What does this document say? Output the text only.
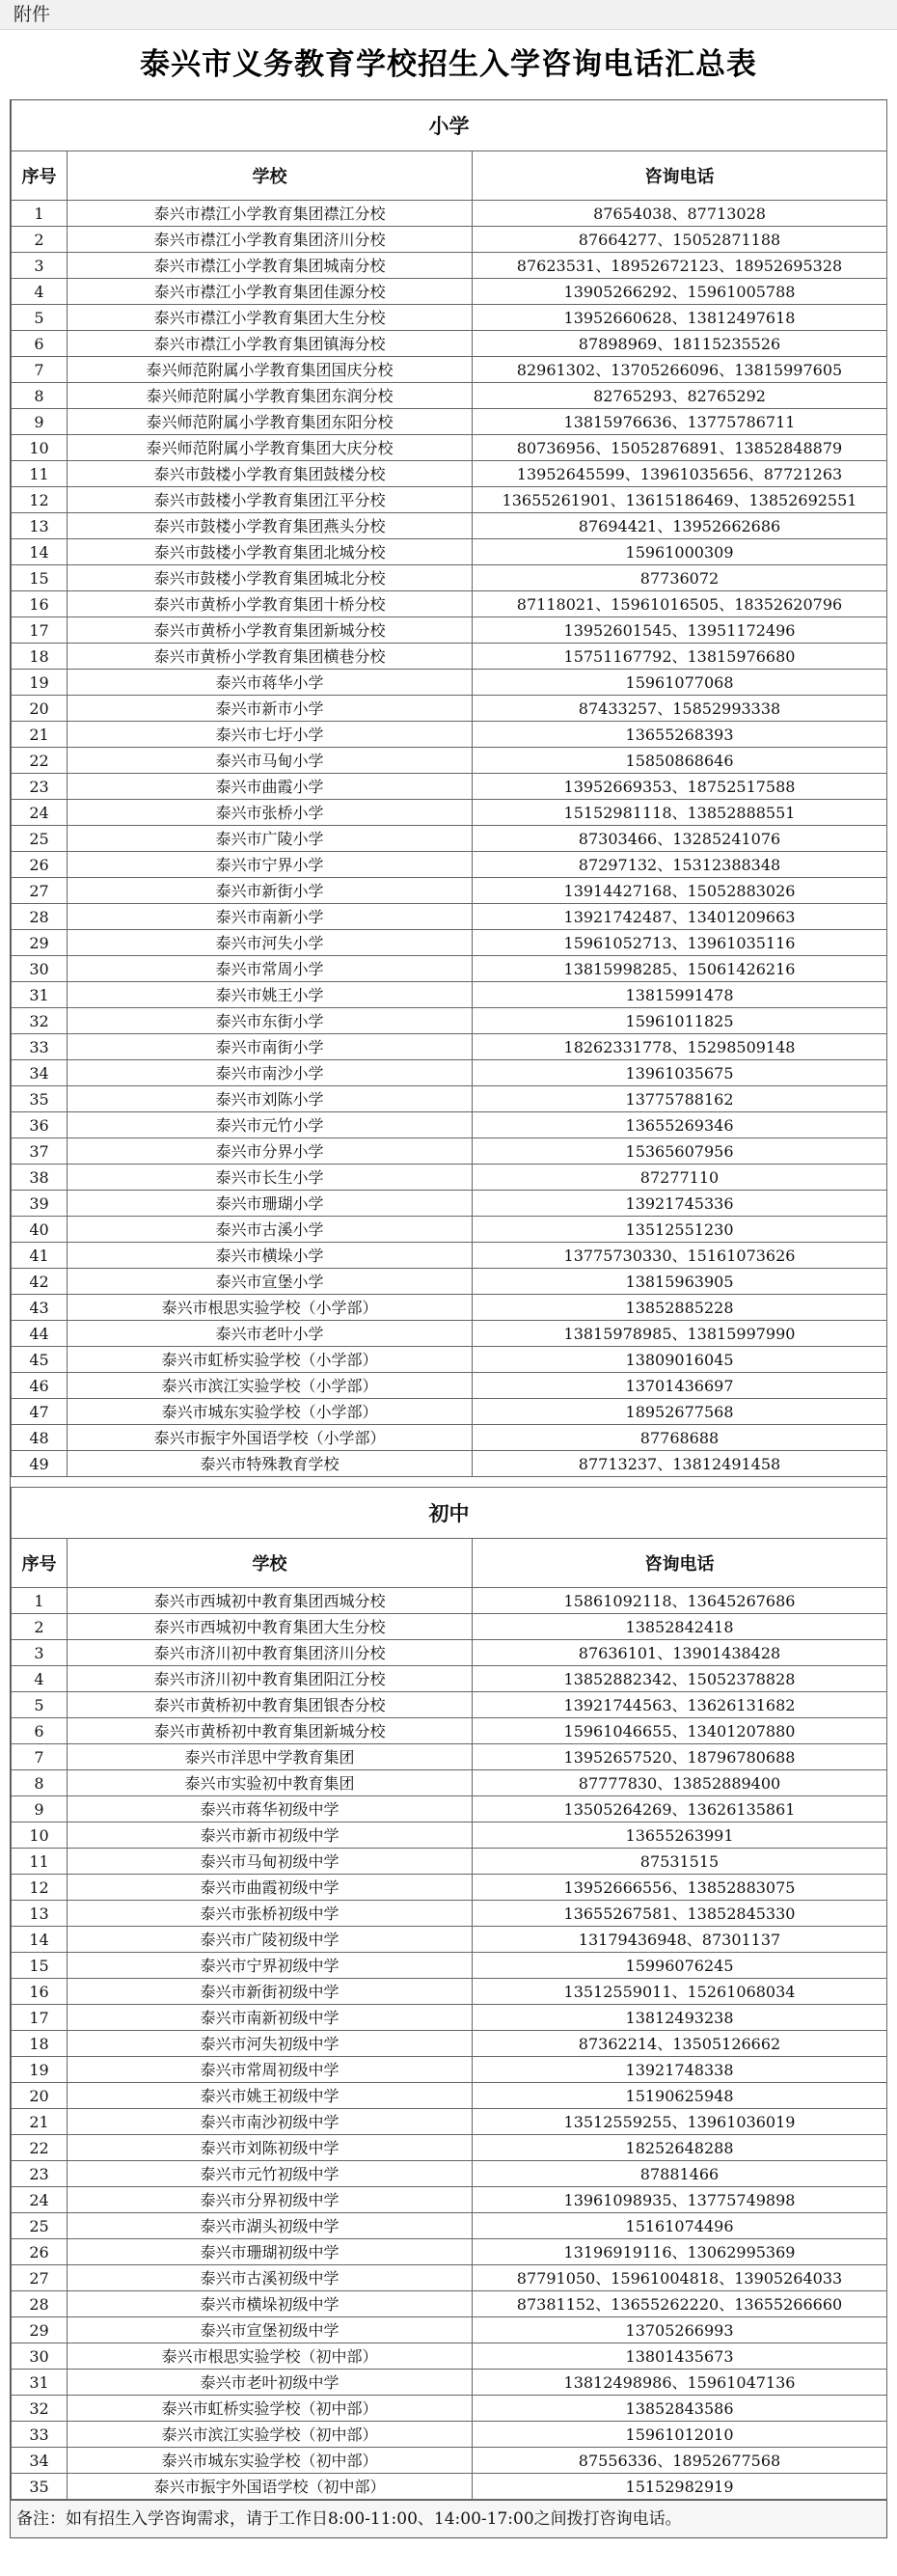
附件
泰兴市义务教育学校招生入学咨询电话汇总表
小学		
序号	学校	咨询电话
1	泰兴市襟江小学教育集团襟江分校	87654038、87713028
2	泰兴市襟江小学教育集团济川分校	87664277、15052871188
3	泰兴市襟江小学教育集团城南分校	87623531、18952672123、18952695328
4	泰兴市襟江小学教育集团佳源分校	13905266292、15961005788
5	泰兴市襟江小学教育集团大生分校	13952660628、13812497618
6	泰兴市襟江小学教育集团镇海分校	87898969、18115235526
7	泰兴师范附属小学教育集团国庆分校	82961302、13705266096、13815997605
8	泰兴师范附属小学教育集团东润分校	82765293、82765292
9	泰兴师范附属小学教育集团东阳分校	13815976636、13775786711
10	泰兴师范附属小学教育集团大庆分校	80736956、15052876891、13852848879
11	泰兴市鼓楼小学教育集团鼓楼分校	13952645599、13961035656、87721263
12	泰兴市鼓楼小学教育集团江平分校	13655261901、13615186469、13852692551
13	泰兴市鼓楼小学教育集团燕头分校	87694421、13952662686
14	泰兴市鼓楼小学教育集团北城分校	15961000309
15	泰兴市鼓楼小学教育集团城北分校	87736072
16	泰兴市黄桥小学教育集团十桥分校	87118021、15961016505、18352620796
17	泰兴市黄桥小学教育集团新城分校	13952601545、13951172496
18	泰兴市黄桥小学教育集团横巷分校	15751167792、13815976680
19	泰兴市蒋华小学	15961077068
20	泰兴市新市小学	87433257、15852993338
21	泰兴市七圩小学	13655268393
22	泰兴市马甸小学	15850868646
23	泰兴市曲霞小学	13952669353、18752517588
24	泰兴市张桥小学	15152981118、13852888551
25	泰兴市广陵小学	87303466、13285241076
26	泰兴市宁界小学	87297132、15312388348
27	泰兴市新街小学	13914427168、15052883026
28	泰兴市南新小学	13921742487、13401209663
29	泰兴市河失小学	15961052713、13961035116
30	泰兴市常周小学	13815998285、15061426216
31	泰兴市姚王小学	13815991478
32	泰兴市东街小学	15961011825
33	泰兴市南街小学	18262331778、15298509148
34	泰兴市南沙小学	13961035675
35	泰兴市刘陈小学	13775788162
36	泰兴市元竹小学	13655269346
37	泰兴市分界小学	15365607956
38	泰兴市长生小学	87277110
39	泰兴市珊瑚小学	13921745336
40	泰兴市古溪小学	13512551230
41	泰兴市横垛小学	13775730330、15161073626
42	泰兴市宣堡小学	13815963905
43	泰兴市根思实验学校（小学部）	13852885228
44	泰兴市老叶小学	13815978985、13815997990
45	泰兴市虹桥实验学校（小学部）	13809016045
46	泰兴市滨江实验学校（小学部）	13701436697
47	泰兴市城东实验学校（小学部）	18952677568
48	泰兴市振宇外国语学校（小学部）	87768688
49	泰兴市特殊教育学校	87713237、13812491458

初中		
序号	学校	咨询电话
1	泰兴市西城初中教育集团西城分校	15861092118、13645267686
2	泰兴市西城初中教育集团大生分校	13852842418
3	泰兴市济川初中教育集团济川分校	87636101、13901438428
4	泰兴市济川初中教育集团阳江分校	13852882342、15052378828
5	泰兴市黄桥初中教育集团银杏分校	13921744563、13626131682
6	泰兴市黄桥初中教育集团新城分校	15961046655、13401207880
7	泰兴市洋思中学教育集团	13952657520、18796780688
8	泰兴市实验初中教育集团	87777830、13852889400
9	泰兴市蒋华初级中学	13505264269、13626135861
10	泰兴市新市初级中学	13655263991
11	泰兴市马甸初级中学	87531515
12	泰兴市曲霞初级中学	13952666556、13852883075
13	泰兴市张桥初级中学	13655267581、13852845330
14	泰兴市广陵初级中学	13179436948、87301137
15	泰兴市宁界初级中学	15996076245
16	泰兴市新街初级中学	13512559011、15261068034
17	泰兴市南新初级中学	13812493238
18	泰兴市河失初级中学	87362214、13505126662
19	泰兴市常周初级中学	13921748338
20	泰兴市姚王初级中学	15190625948
21	泰兴市南沙初级中学	13512559255、13961036019
22	泰兴市刘陈初级中学	18252648288
23	泰兴市元竹初级中学	87881466
24	泰兴市分界初级中学	13961098935、13775749898
25	泰兴市湖头初级中学	15161074496
26	泰兴市珊瑚初级中学	13196919116、13062995369
27	泰兴市古溪初级中学	87791050、15961004818、13905264033
28	泰兴市横垛初级中学	87381152、13655262220、13655266660
29	泰兴市宣堡初级中学	13705266993
30	泰兴市根思实验学校（初中部）	13801435673
31	泰兴市老叶初级中学	13812498986、15961047136
32	泰兴市虹桥实验学校（初中部）	13852843586
33	泰兴市滨江实验学校（初中部）	15961012010
34	泰兴市城东实验学校（初中部）	87556336、18952677568
35	泰兴市振宇外国语学校（初中部）	15152982919
备注：如有招生入学咨询需求，请于工作日8:00-11:00、14:00-17:00之间拨打咨询电话。
